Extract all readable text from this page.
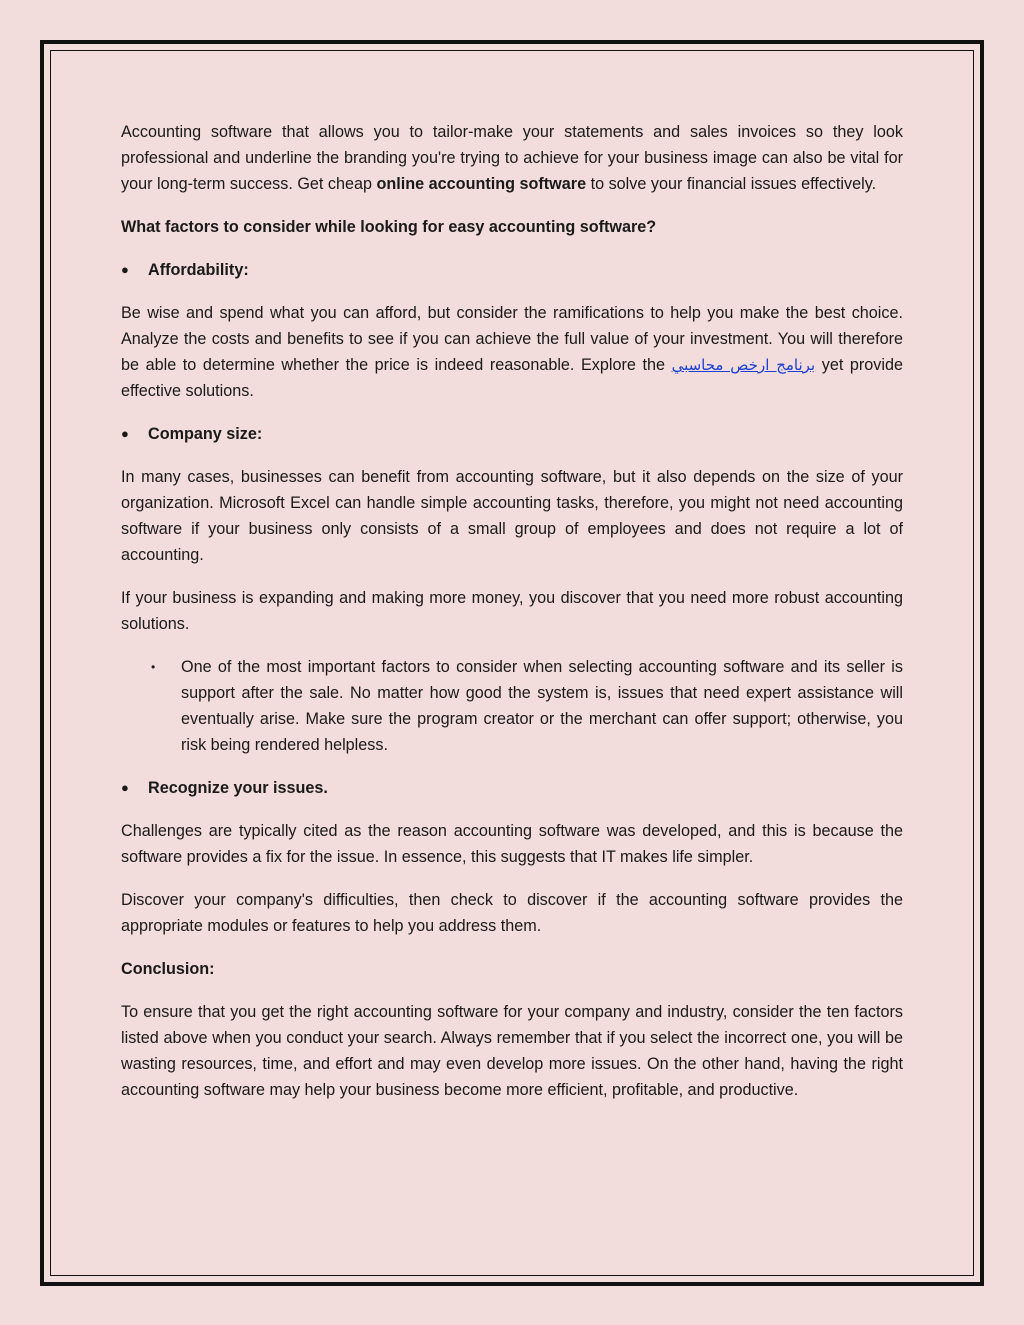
Accounting software that allows you to tailor-make your statements and sales invoices so they look professional and underline the branding you're trying to achieve for your business image can also be vital for your long-term success. Get cheap online accounting software to solve your financial issues effectively.

What factors to consider while looking for easy accounting software?
● Affordability:

Be wise and spend what you can afford, but consider the ramifications to help you make the best choice. Analyze the costs and benefits to see if you can achieve the full value of your investment. You will therefore be able to determine whether the price is indeed reasonable. Explore the برنامج ارخص محاسبي yet provide effective solutions.

● Company size:

In many cases, businesses can benefit from accounting software, but it also depends on the size of your organization. Microsoft Excel can handle simple accounting tasks, therefore, you might not need accounting software if your business only consists of a small group of employees and does not require a lot of accounting.

If your business is expanding and making more money, you discover that you need more robust accounting solutions.

• One of the most important factors to consider when selecting accounting software and its seller is support after the sale. No matter how good the system is, issues that need expert assistance will eventually arise. Make sure the program creator or the merchant can offer support; otherwise, you risk being rendered helpless.
● Recognize your issues.

Challenges are typically cited as the reason accounting software was developed, and this is because the software provides a fix for the issue. In essence, this suggests that IT makes life simpler.

Discover your company's difficulties, then check to discover if the accounting software provides the appropriate modules or features to help you address them.

Conclusion:

To ensure that you get the right accounting software for your company and industry, consider the ten factors listed above when you conduct your search. Always remember that if you select the incorrect one, you will be wasting resources, time, and effort and may even develop more issues. On the other hand, having the right accounting software may help your business become more efficient, profitable, and productive.
